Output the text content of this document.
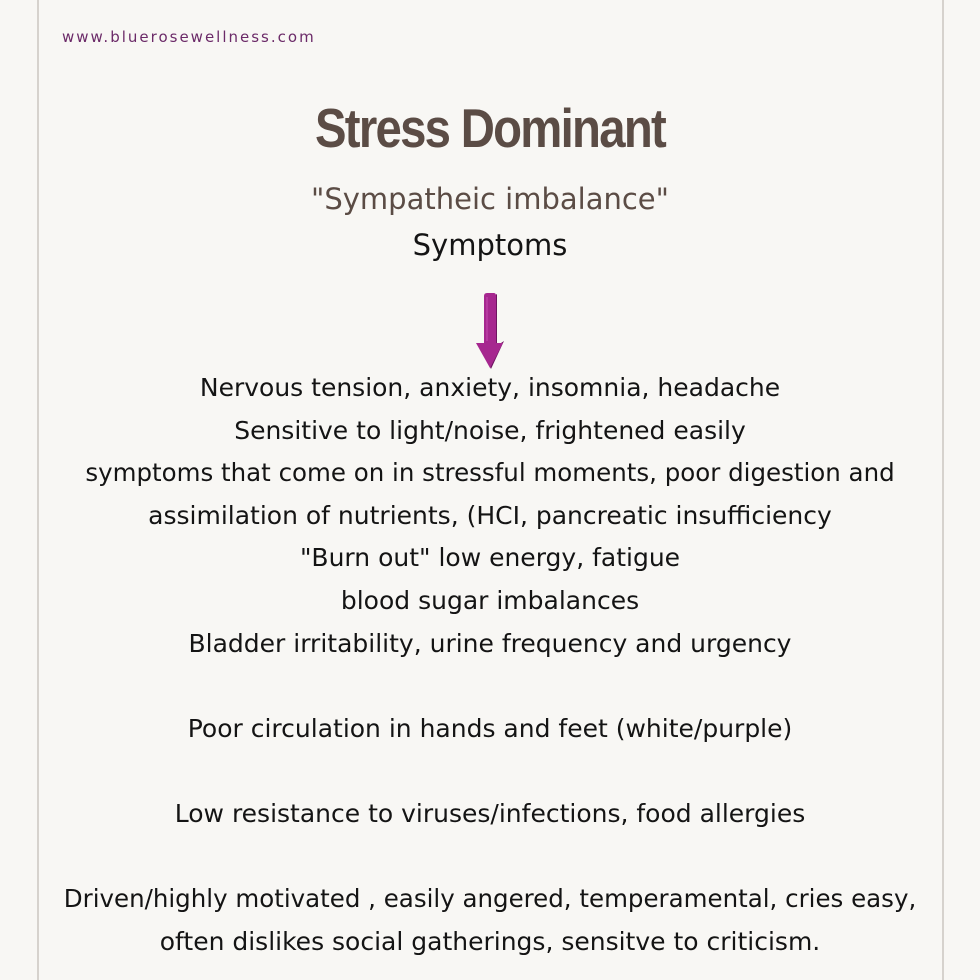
www.bluerosewellness.com
Stress Dominant
"Sympatheic imbalance"
Symptoms
Nervous tension, anxiety, insomnia, headache
Sensitive to light/noise, frightened easily
symptoms that come on in stressful moments, poor digestion and
assimilation of nutrients, (HCI, pancreatic insufficiency
"Burn out" low energy, fatigue
blood sugar imbalances
Bladder irritability, urine frequency and urgency
Poor circulation in hands and feet (white/purple)
Low resistance to viruses/infections, food allergies
Driven/highly motivated , easily angered, temperamental, cries easy,
often dislikes social gatherings, sensitve to criticism.
